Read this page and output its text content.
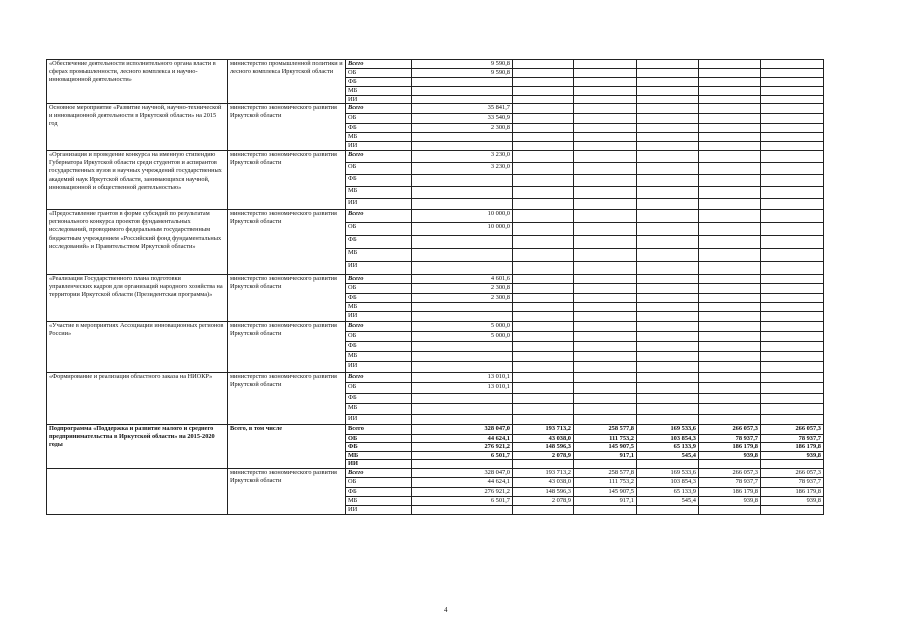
«Обеспечение деятельности исполнительного органа власти в сферах промышленности, лесного комплекса и научно-инновационной деятельности»	министерство промышленной политики и лесного комплекса Иркутской области	Всего	9 590,8					
		ОБ	9 590,8					
		ФБ						
		МБ						
		ИИ						
Основное мероприятие «Развитие научной, научно-технической и инновационной деятельности в Иркутской области» на 2015 год	министерство экономического развития Иркутской области	Всего	35 841,7					
		ОБ	33 540,9					
		ФБ	2 300,8					
		МБ						
		ИИ						
«Организация и проведение конкурса на именную стипендию Губернатора Иркутской области среди студентов и аспирантов государственных вузов и научных учреждений государственных академий наук Иркутской области, занимающихся научной, инновационной и общественной деятельностью»	министерство экономического развития Иркутской области	Всего	3 230,0					
		ОБ	3 230,0					
		ФБ						
		МБ						
		ИИ						
«Предоставление грантов в форме субсидий по результатам регионального конкурса проектов фундаментальных исследований, проводимого федеральным государственным бюджетным учреждением «Российский фонд фундаментальных исследований» и Правительством Иркутской области»	министерство экономического развития Иркутской области	Всего	10 000,0					
		ОБ	10 000,0					
		ФБ						
		МБ						
		ИИ						
«Реализация Государственного плана подготовки управленческих кадров для организаций народного хозяйства на территории Иркутской области (Президентская программа)»	министерство экономического развития Иркутской области	Всего	4 601,6					
		ОБ	2 300,8					
		ФБ	2 300,8					
		МБ						
		ИИ						
«Участие в мероприятиях Ассоциации инновационных регионов России»	министерство экономического развития Иркутской области	Всего	5 000,0					
		ОБ	5 000,0					
		ФБ						
		МБ						
		ИИ						
«Формирование и реализация областного заказа на НИОКР»	министерство экономического развития Иркутской области	Всего	13 010,1					
		ОБ	13 010,1					
		ФБ						
		МБ						
		ИИ						
Подпрограмма «Поддержка и развитие малого и среднего предпринимательства в Иркутской области» на 2015-2020 годы	Всего, в том числе	Всего	328 047,0	193 713,2	258 577,8	169 533,6	266 057,3	266 057,3
		ОБ	44 624,1	43 038,0	111 753,2	103 854,3	78 937,7	78 937,7
		ФБ	276 921,2	148 596,3	145 907,5	65 133,9	186 179,8	186 179,8
		МБ	6 501,7	2 078,9	917,1	545,4	939,8	939,8
		ИИ						
	министерство экономического развития Иркутской области	Всего	328 047,0	193 713,2	258 577,8	169 533,6	266 057,3	266 057,3
		ОБ	44 624,1	43 038,0	111 753,2	103 854,3	78 937,7	78 937,7
		ФБ	276 921,2	148 596,3	145 907,5	65 133,9	186 179,8	186 179,8
		МБ	6 501,7	2 078,9	917,1	545,4	939,8	939,8
		ИИ						
4
